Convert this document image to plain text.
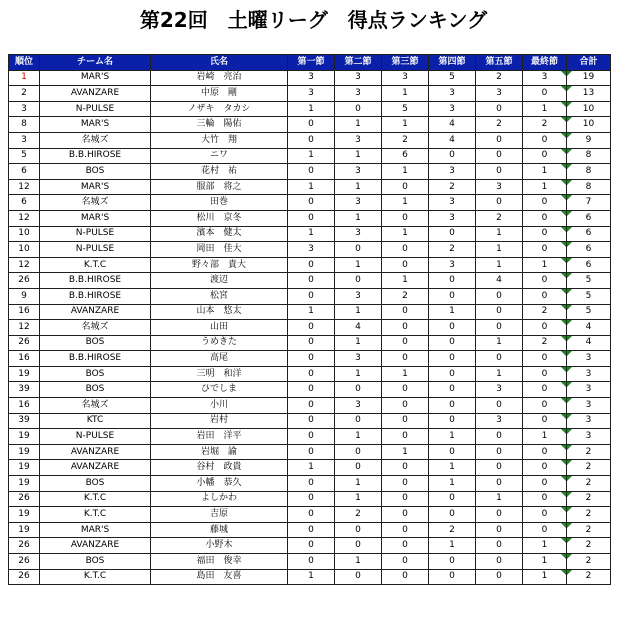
第22回　土曜リーグ　得点ランキング
順位	チーム名	氏名	第一節	第二節	第三節	第四節	第五節	最終節	合計
1	MAR'S	岩崎　亮治	3	3	3	5	2	3	19
2	AVANZARE	中原　剛	3	3	1	3	3	0	13
3	N-PULSE	ノザキ　タカシ	1	0	5	3	0	1	10
8	MAR'S	三輪　陽佑	0	1	1	4	2	2	10
3	名城ズ	大竹　翔	0	3	2	4	0	0	9
5	B.B.HIROSE	ニワ	1	1	6	0	0	0	8
6	BOS	花村　祐	0	3	1	3	0	1	8
12	MAR'S	服部　将之	1	1	0	2	3	1	8
6	名城ズ	田巻	0	3	1	3	0	0	7
12	MAR'S	松川　京冬	0	1	0	3	2	0	6
10	N-PULSE	濱本　健太	1	3	1	0	1	0	6
10	N-PULSE	岡田　佳大	3	0	0	2	1	0	6
12	K.T.C	野々部　貴大	0	1	0	3	1	1	6
26	B.B.HIROSE	渡辺	0	0	1	0	4	0	5
9	B.B.HIROSE	松宮	0	3	2	0	0	0	5
16	AVANZARE	山本　悠太	1	1	0	1	0	2	5
12	名城ズ	山田	0	4	0	0	0	0	4
26	BOS	うめきた	0	1	0	0	1	2	4
16	B.B.HIROSE	高尾	0	3	0	0	0	0	3
19	BOS	三明　和洋	0	1	1	0	1	0	3
39	BOS	ひでしま	0	0	0	0	3	0	3
16	名城ズ	小川	0	3	0	0	0	0	3
39	KTC	岩村	0	0	0	0	3	0	3
19	N-PULSE	岩田　洋平	0	1	0	1	0	1	3
19	AVANZARE	岩堀　諭	0	0	1	0	0	0	2
19	AVANZARE	谷村　政貴	1	0	0	1	0	0	2
19	BOS	小幡　恭久	0	1	0	1	0	0	2
26	K.T.C	よしかわ	0	1	0	0	1	0	2
19	K.T.C	吉原	0	2	0	0	0	0	2
19	MAR'S	藤城	0	0	0	2	0	0	2
26	AVANZARE	小野木	0	0	0	1	0	1	2
26	BOS	福田　俊幸	0	1	0	0	0	1	2
26	K.T.C	島田　友喜	1	0	0	0	0	1	2
